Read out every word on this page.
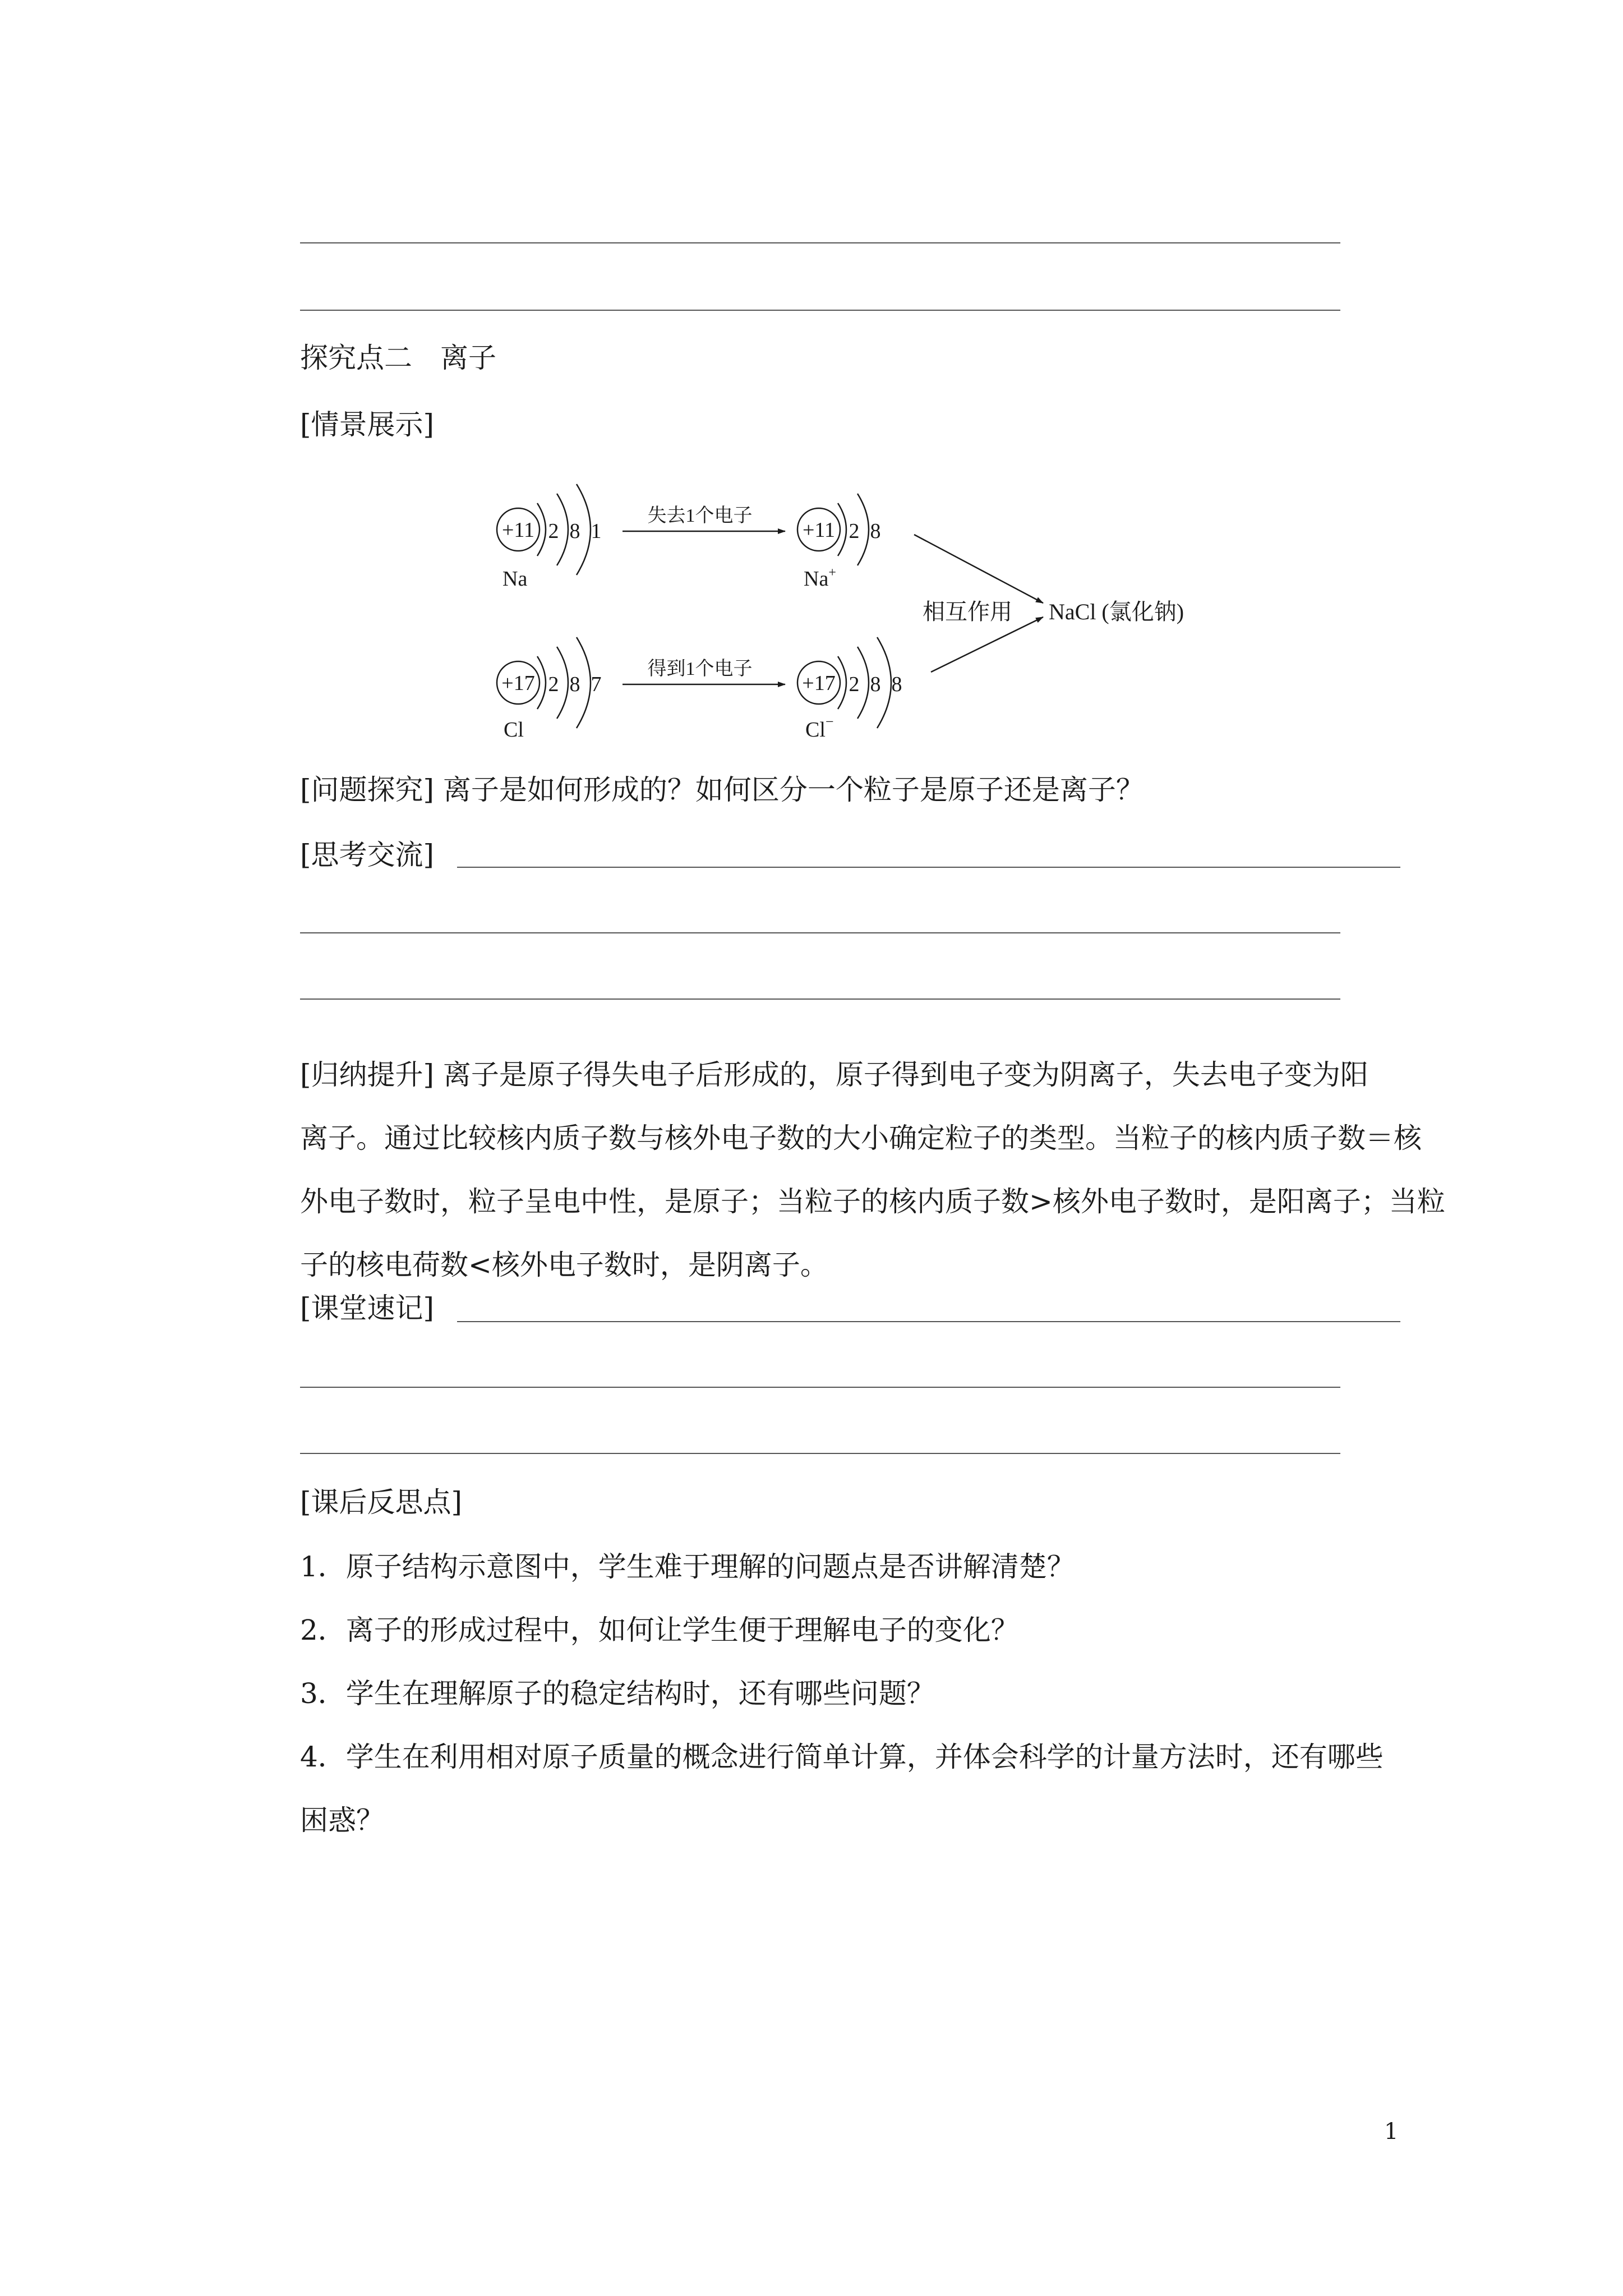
探究点二　离子
[情景展示]
+11 2 8 1
Na
失去1个电子
得到1个电子
+11 2 8
Na+
+17 2 8 7
Cl
+17 2 8 8
Cl−
相互作用 NaCl (氯化钠)
[问题探究] 离子是如何形成的？如何区分一个粒子是原子还是离子？
[思考交流]
[归纳提升] 离子是原子得失电子后形成的，原子得到电子变为阴离子，失去电子变为阳
离子。通过比较核内质子数与核外电子数的大小确定粒子的类型。当粒子的核内质子数＝核
外电子数时，粒子呈电中性，是原子；当粒子的核内质子数>核外电子数时，是阳离子；当粒
子的核电荷数<核外电子数时，是阴离子。
[课堂速记]
[课后反思点]
1．原子结构示意图中，学生难于理解的问题点是否讲解清楚？
2．离子的形成过程中，如何让学生便于理解电子的变化？
3．学生在理解原子的稳定结构时，还有哪些问题？
4．学生在利用相对原子质量的概念进行简单计算，并体会科学的计量方法时，还有哪些
困惑？
1
